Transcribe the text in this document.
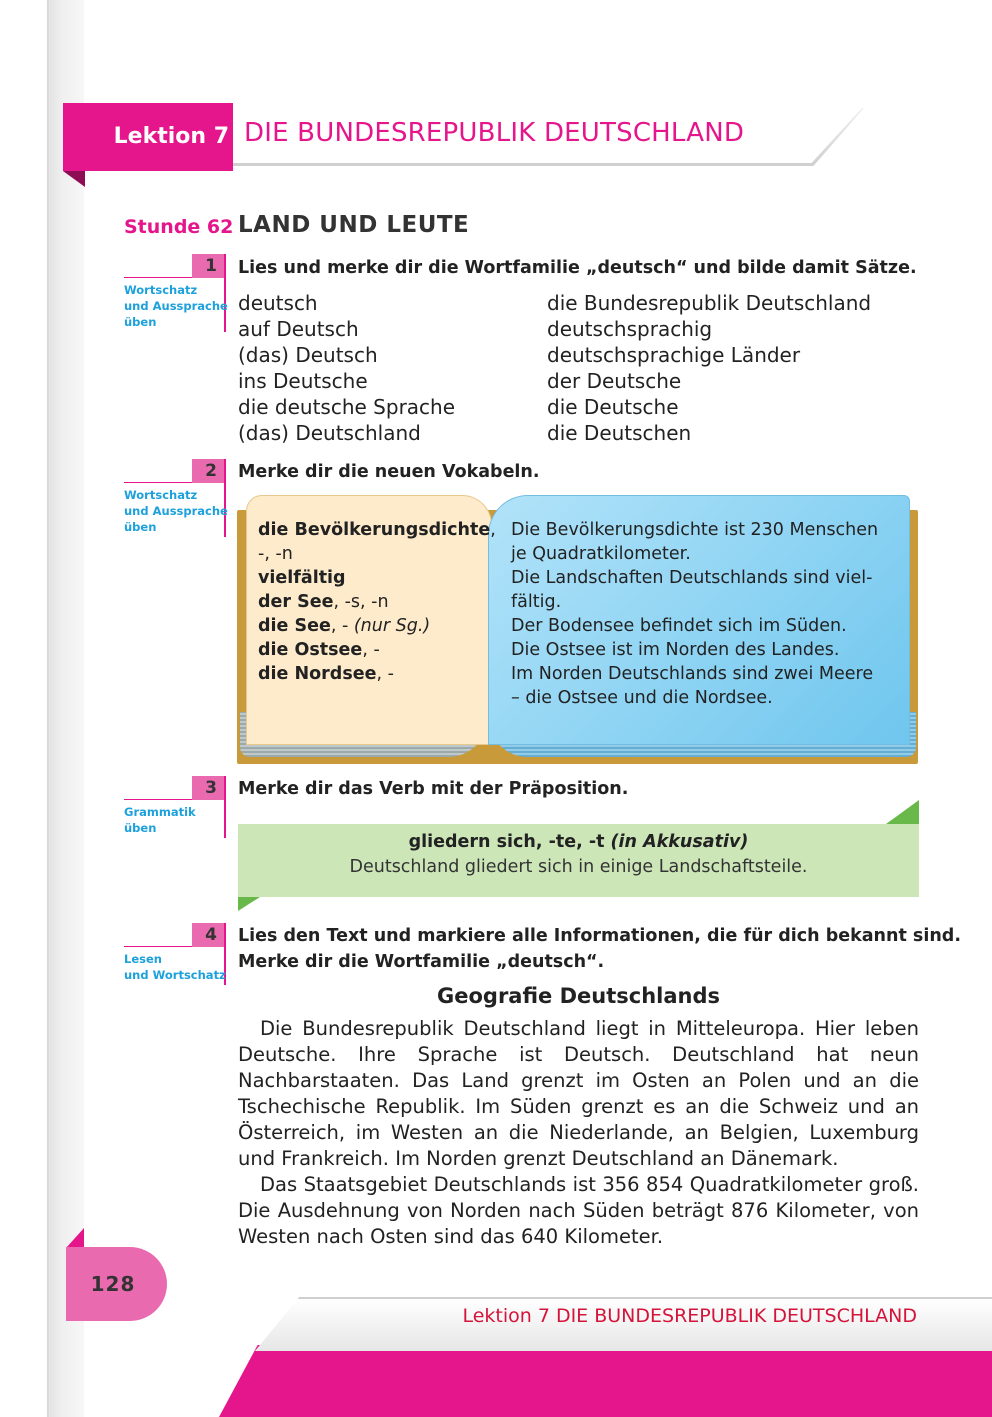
Lektion 7 DIE BUNDESREPUBLIK DEUTSCHLAND
Stunde 62 LAND UND LEUTE
1
Wortschatz
und Aussprache
üben
Lies und merke dir die Wortfamilie „deutsch“ und bilde damit Sätze.
deutsch
auf Deutsch
(das) Deutsch
ins Deutsche
die deutsche Sprache
(das) Deutschland
die Bundesrepublik Deutschland
deutschsprachig
deutschsprachige Länder
der Deutsche
die Deutsche
die Deutschen
2
Wortschatz
und Aussprache
üben
Merke dir die neuen Vokabeln.
die Bevölkerungsdichte,
-, -n
vielfältig
der See, -s, -n
die See, - (nur Sg.)
die Ostsee, -
die Nordsee, -
Die Bevölkerungsdichte ist 230 Menschen
je Quadratkilometer.
Die Landschaften Deutschlands sind viel-
fältig.
Der Bodensee befindet sich im Süden.
Die Ostsee ist im Norden des Landes.
Im Norden Deutschlands sind zwei Meere
– die Ostsee und die Nordsee.
3
Grammatik
üben
Merke dir das Verb mit der Präposition.
gliedern sich, -te, -t (in Akkusativ)
Deutschland gliedert sich in einige Landschaftsteile.
4
Lesen
und Wortschatz
Lies den Text und markiere alle Informationen, die für dich bekannt sind.
Merke dir die Wortfamilie „deutsch“.
Geografie Deutschlands

Die Bundesrepublik Deutschland liegt in Mitteleuropa. Hier leben Deutsche. Ihre Sprache ist Deutsch. Deutschland hat neun Nachbarstaaten. Das Land grenzt im Osten an Polen und an die Tschechische Republik. Im Süden grenzt es an die Schweiz und an Österreich, im Westen an die Niederlande, an Belgien, Luxemburg und Frankreich. Im Norden grenzt Deutschland an Dänemark.

Das Staatsgebiet Deutschlands ist 356 854 Quadratkilometer groß. Die Ausdehnung von Norden nach Süden beträgt 876 Kilometer, von Westen nach Osten sind das 640 Kilometer.

128
Lektion 7 DIE BUNDESREPUBLIK DEUTSCHLAND
